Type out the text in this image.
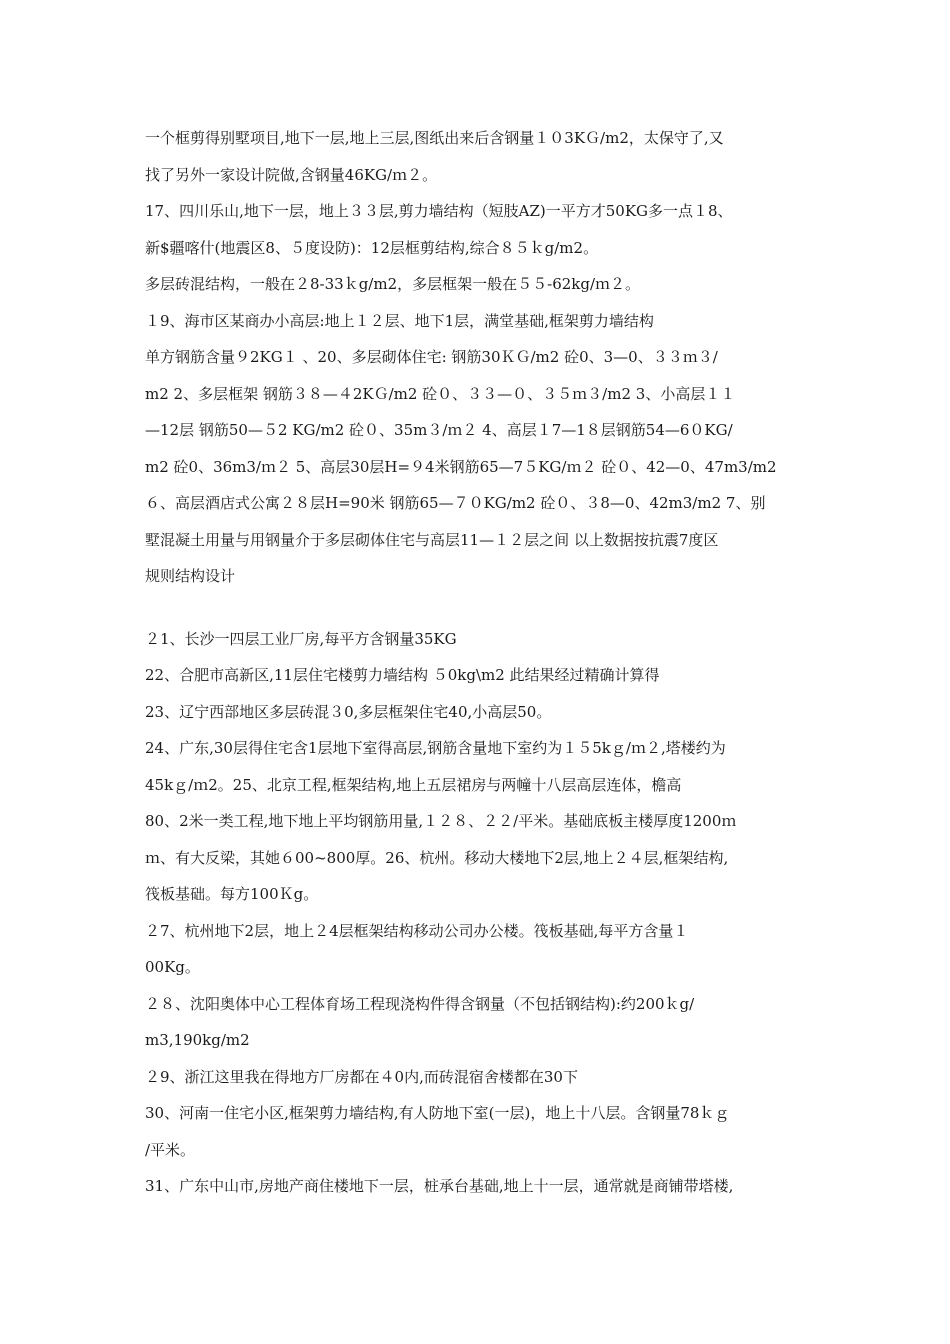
一个框剪得别墅项目,地下一层,地上三层,图纸出来后含钢量１０3KＧ/m2，太保守了,又
找了另外一家设计院做,含钢量46KG/ｍ２。
17、四川乐山,地下一层，地上３３层,剪力墙结构（短肢AZ)一平方才50KG多一点１8、
新$疆喀什(地震区8、５度设防)：12层框剪结构,综合８５ｋg/m2。
多层砖混结构，一般在２8-33ｋg/m2，多层框架一般在５５-62kg/ｍ２。
１9、海市区某商办小高层:地上１２层、地下1层，满堂基础,框架剪力墙结构
单方钢筋含量９2KG１ 、20、多层砌体住宅: 钢筋30ＫＧ/m2 砼0、3—0、３３ｍ３/
m2 2、多层框架 钢筋３８—４2KＧ/m2 砼０、３３—０、３５ｍ３/m2 3、小高层１１
—12层 钢筋50—５2 KG/m2 砼０、35m３/ｍ２ 4、高层１7—1８层钢筋54—6０KG/
m2 砼0、36m3/ｍ２ 5、高层30层H=９4米钢筋65—7５KG/ｍ２ 砼０、42—0、47m3/m2
６、高层酒店式公寓２８层H=90米 钢筋65—７０KG/m2 砼０、３8—0、42m3/m2 7、别
墅混凝土用量与用钢量介于多层砌体住宅与高层11—１２层之间 以上数据按抗震7度区
规则结构设计
２1、长沙一四层工业厂房,每平方含钢量35KG
22、合肥市高新区,11层住宅楼剪力墙结构 ５0kg\m2 此结果经过精确计算得
23、辽宁西部地区多层砖混３0,多层框架住宅40,小高层50。
24、广东,30层得住宅含1层地下室得高层,钢筋含量地下室约为１５5kｇ/ｍ２,塔楼约为
45kｇ/ｍ2。25、北京工程,框架结构,地上五层裙房与两幢十八层高层连体，檐高
80、2米一类工程,地下地上平均钢筋用量,１２８、２２/平米。基础底板主楼厚度1200ｍ
ｍ、有大反梁，其她６00~800厚。26、杭州。移动大楼地下2层,地上２４层,框架结构,
筏板基础。每方100Ｋg。
２7、杭州地下2层，地上２4层框架结构移动公司办公楼。筏板基础,每平方含量１
00Kg。
２８、沈阳奥体中心工程体育场工程现浇构件得含钢量（不包括钢结构):约200ｋg/
m3,190kg/m2
２9、浙江这里我在得地方厂房都在４0内,而砖混宿舍楼都在30下
30、河南一住宅小区,框架剪力墙结构,有人防地下室(一层)，地上十八层。含钢量78ｋｇ
/平米。
31、广东中山市,房地产商住楼地下一层，桩承台基础,地上十一层，通常就是商铺带塔楼,
